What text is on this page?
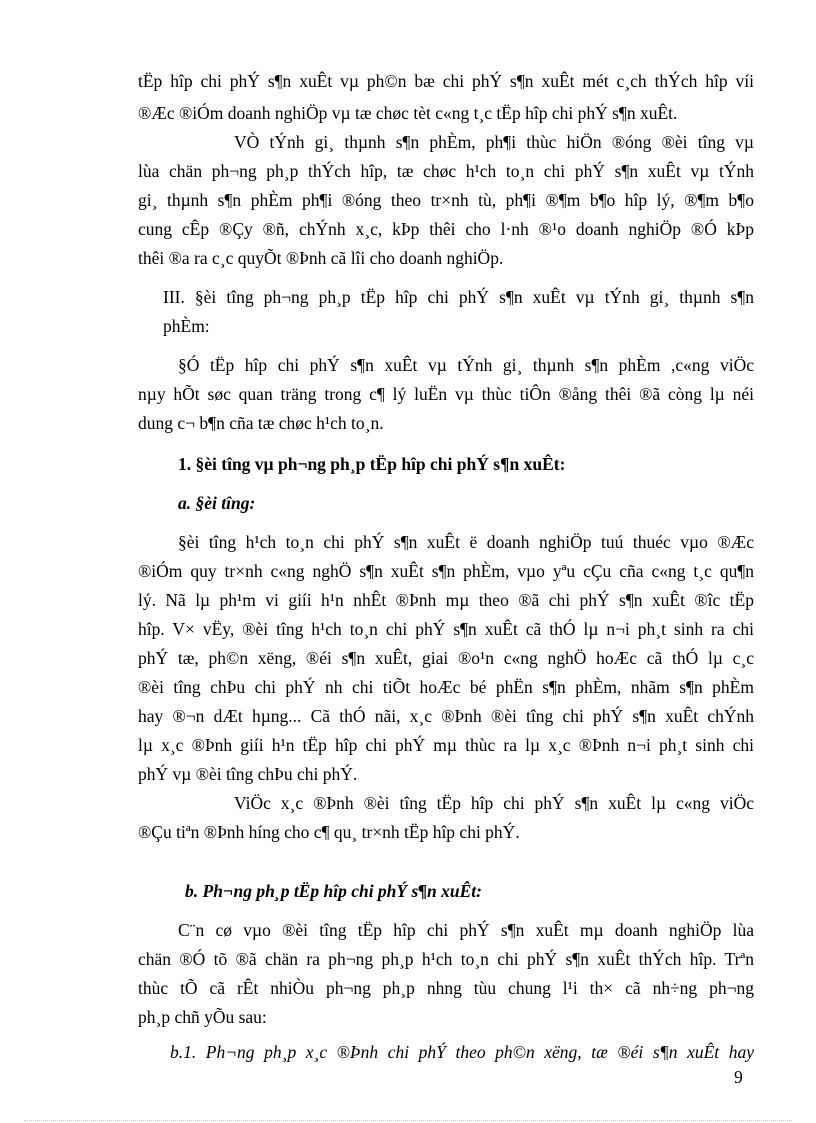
tËp hîp chi phÝ s¶n xuÊt vµ ph©n bæ chi phÝ s¶n xuÊt mét c¸ch thÝch hîp víi
®Æc ®iÓm doanh nghiÖp vµ tæ chøc tèt c«ng t¸c tËp hîp chi phÝ s¶n xuÊt.
VÒ tÝnh gi¸ thµnh s¶n phÈm, ph¶i thùc hiÖn ®óng ®èi tîng vµ
lùa chän ph¬ng ph¸p thÝch hîp, tæ chøc h¹ch to¸n chi phÝ s¶n xuÊt vµ tÝnh
gi¸ thµnh s¶n phÈm ph¶i ®óng theo tr×nh tù, ph¶i ®¶m b¶o hîp lý, ®¶m b¶o
cung cÊp ®Çy ®ñ, chÝnh x¸c, kÞp thêi cho l·nh ®¹o doanh nghiÖp ®Ó kÞp
thêi ®a ra c¸c quyÕt ®Þnh cã lîi cho doanh nghiÖp.
III. §èi tîng ph¬ng ph¸p tËp hîp chi phÝ s¶n xuÊt vµ tÝnh gi¸ thµnh s¶n
phÈm:
§Ó tËp hîp chi phÝ s¶n xuÊt vµ tÝnh gi¸ thµnh s¶n phÈm ,c«ng viÖc
nµy hÕt søc quan träng trong c¶ lý luËn vµ thùc tiÔn ®ång thêi ®ã còng lµ néi
dung c¬ b¶n cña tæ chøc h¹ch to¸n.
1. §èi tîng vµ ph¬ng ph¸p tËp hîp chi phÝ s¶n xuÊt:
a. §èi tîng:
§èi tîng h¹ch to¸n chi phÝ s¶n xuÊt ë doanh nghiÖp tuú thuéc vµo ®Æc
®iÓm quy tr×nh c«ng nghÖ s¶n xuÊt s¶n phÈm, vµo yªu cÇu cña c«ng t¸c qu¶n
lý. Nã lµ ph¹m vi giíi h¹n nhÊt ®Þnh mµ theo ®ã chi phÝ s¶n xuÊt ®îc tËp
hîp. V× vËy, ®èi tîng h¹ch to¸n chi phÝ s¶n xuÊt cã thÓ lµ n¬i ph¸t sinh ra chi
phÝ tæ, ph©n xëng, ®éi s¶n xuÊt, giai ®o¹n c«ng nghÖ hoÆc cã thÓ lµ c¸c
®èi tîng chÞu chi phÝ nh chi tiÕt hoÆc bé phËn s¶n phÈm, nhãm s¶n phÈm
hay ®¬n dÆt hµng... Cã thÓ nãi, x¸c ®Þnh ®èi tîng chi phÝ s¶n xuÊt chÝnh
lµ x¸c ®Þnh giíi h¹n tËp hîp chi phÝ mµ thùc ra lµ x¸c ®Þnh n¬i ph¸t sinh chi
phÝ vµ ®èi tîng chÞu chi phÝ.
ViÖc x¸c ®Þnh ®èi tîng tËp hîp chi phÝ s¶n xuÊt lµ c«ng viÖc
®Çu tiªn ®Þnh híng cho c¶ qu¸ tr×nh tËp hîp chi phÝ.
b. Ph¬ng ph¸p tËp hîp chi phÝ s¶n xuÊt:
C¨n cø vµo ®èi tîng tËp hîp chi phÝ s¶n xuÊt mµ doanh nghiÖp lùa
chän ®Ó tõ ®ã chän ra ph¬ng ph¸p h¹ch to¸n chi phÝ s¶n xuÊt thÝch hîp. Trªn
thùc tÕ cã rÊt nhiÒu ph¬ng ph¸p nhng tùu chung l¹i th× cã nh÷ng ph¬ng
ph¸p chñ yÕu sau:
b.1. Ph¬ng ph¸p x¸c ®Þnh chi phÝ theo ph©n xëng, tæ ®éi s¶n xuÊt hay
9
